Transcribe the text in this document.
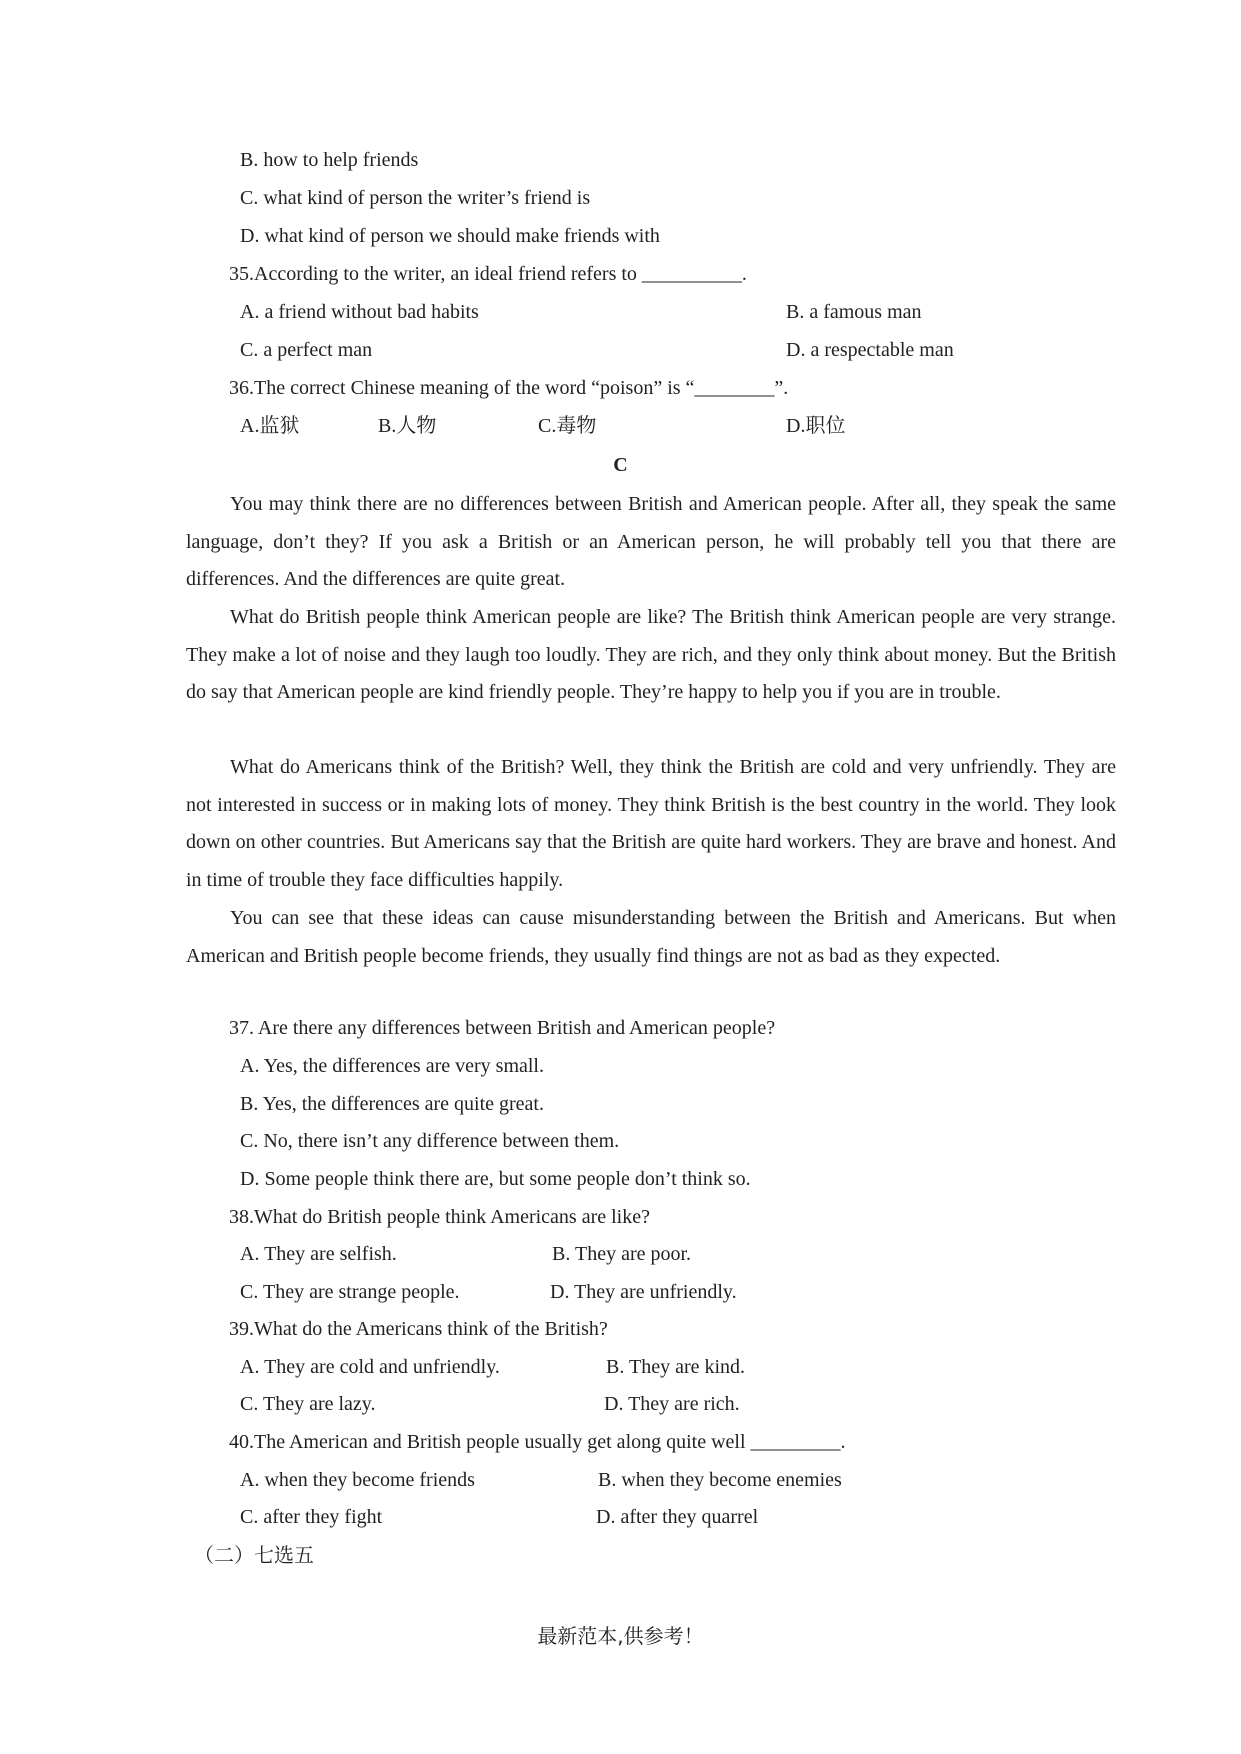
B. how to help friends
C. what kind of person the writer’s friend is
D. what kind of person we should make friends with
35.According to the writer, an ideal friend refers to __________.
A. a friend without bad habits	B. a famous man
C. a perfect man	D. a respectable man
36.The correct Chinese meaning of the word “poison” is “________”.
A.监狱	B.人物	C.毒物	D.职位
C
You may think there are no differences between British and American people. After all, they speak the same language, don’t they? If you ask a British or an American person, he will probably tell you that there are differences. And the differences are quite great.
What do British people think American people are like? The British think American people are very strange. They make a lot of noise and they laugh too loudly. They are rich, and they only think about money. But the British do say that American people are kind friendly people. They’re happy to help you if you are in trouble.
What do Americans think of the British? Well, they think the British are cold and very unfriendly. They are not interested in success or in making lots of money. They think British is the best country in the world. They look down on other countries. But Americans say that the British are quite hard workers. They are brave and honest. And in time of trouble they face difficulties happily.
You can see that these ideas can cause misunderstanding between the British and Americans. But when American and British people become friends, they usually find things are not as bad as they expected.
37. Are there any differences between British and American people?
A. Yes, the differences are very small.
B. Yes, the differences are quite great.
C. No, there isn’t any difference between them.
D. Some people think there are, but some people don’t think so.
38.What do British people think Americans are like?
A. They are selfish.	B. They are poor.
C. They are strange people.	D. They are unfriendly.
39.What do the Americans think of the British?
A. They are cold and unfriendly.	B. They are kind.
C. They are lazy.	D. They are rich.
40.The American and British people usually get along quite well _________.
A. when they become friends	B. when they become enemies
C. after they fight	D. after they quarrel
（二）七选五
最新范本,供参考！
